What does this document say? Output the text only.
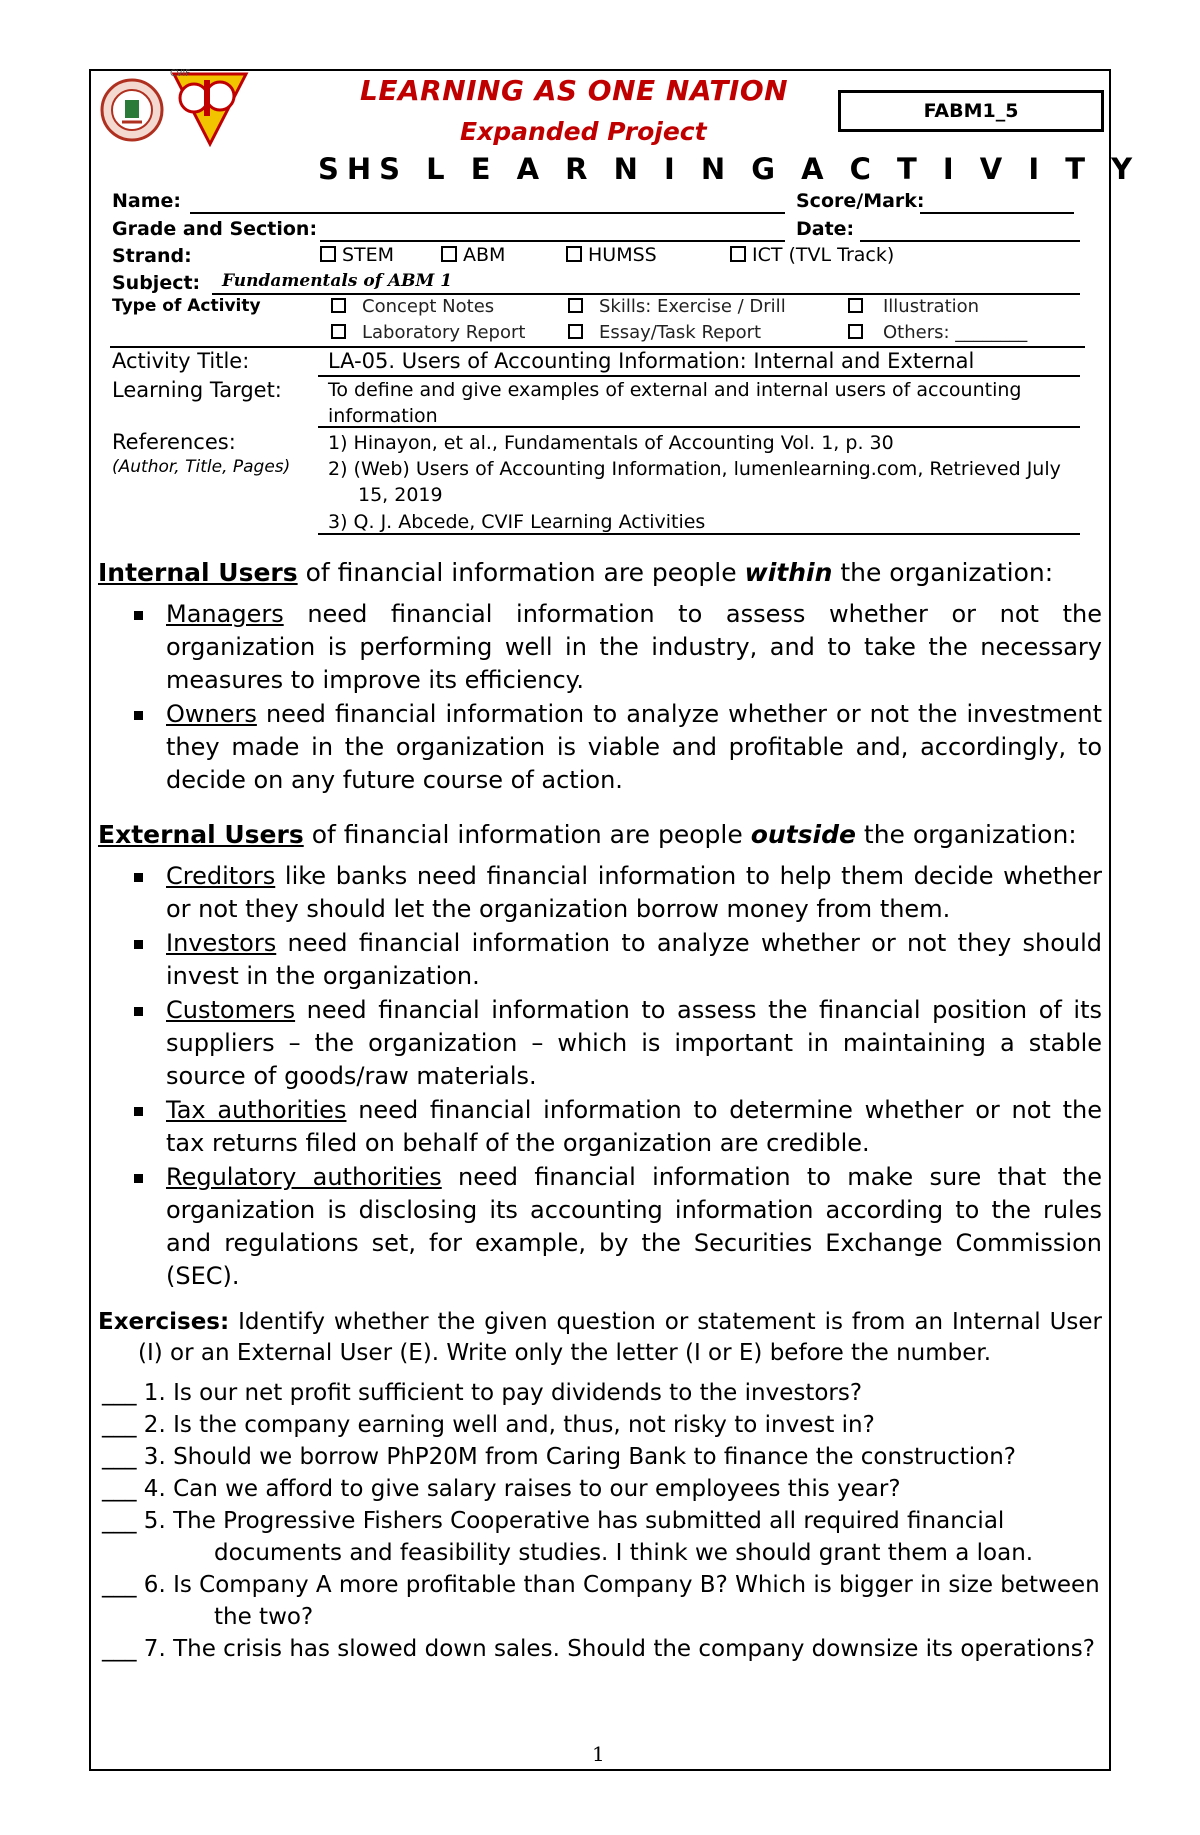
CVIF	LEARNING AS ONE NATION
Expanded Project
FABM1_5
SHS L E A R N I N G A C T I V I T Y
Name:	Score/Mark:
Grade and Section:	Date:
Strand:	STEM	ABM	HUMSS	ICT (TVL Track)
Subject: Fundamentals of ABM 1
Type of Activity	Concept Notes	Skills: Exercise / Drill	Illustration
Laboratory Report	Essay/Task Report	Others: ________
Activity Title:	LA-05. Users of Accounting Information: Internal and External
Learning Target: To define and give examples of external and internal users of accounting information
References:
(Author, Title, Pages)
1) Hinayon, et al., Fundamentals of Accounting Vol. 1, p. 30
2) (Web) Users of Accounting Information, lumenlearning.com, Retrieved July 15, 2019
3) Q. J. Abcede, CVIF Learning Activities
Internal Users of financial information are people within the organization:
Managers need financial information to assess whether or not the organization is performing well in the industry, and to take the necessary measures to improve its efficiency.
Owners need financial information to analyze whether or not the investment they made in the organization is viable and profitable and, accordingly, to decide on any future course of action.
External Users of financial information are people outside the organization:
Creditors like banks need financial information to help them decide whether or not they should let the organization borrow money from them.
Investors need financial information to analyze whether or not they should invest in the organization.
Customers need financial information to assess the financial position of its suppliers – the organization – which is important in maintaining a stable source of goods/raw materials.
Tax authorities need financial information to determine whether or not the tax returns filed on behalf of the organization are credible.
Regulatory authorities need financial information to make sure that the organization is disclosing its accounting information according to the rules and regulations set, for example, by the Securities Exchange Commission (SEC).
Exercises: Identify whether the given question or statement is from an Internal User (I) or an External User (E). Write only the letter (I or E) before the number.
___ 1. Is our net profit sufficient to pay dividends to the investors?
___ 2. Is the company earning well and, thus, not risky to invest in?
___ 3. Should we borrow PhP20M from Caring Bank to finance the construction?
___ 4. Can we afford to give salary raises to our employees this year?
___ 5. The Progressive Fishers Cooperative has submitted all required financial documents and feasibility studies. I think we should grant them a loan.
___ 6. Is Company A more profitable than Company B? Which is bigger in size between the two?
___ 7. The crisis has slowed down sales. Should the company downsize its operations?
1
